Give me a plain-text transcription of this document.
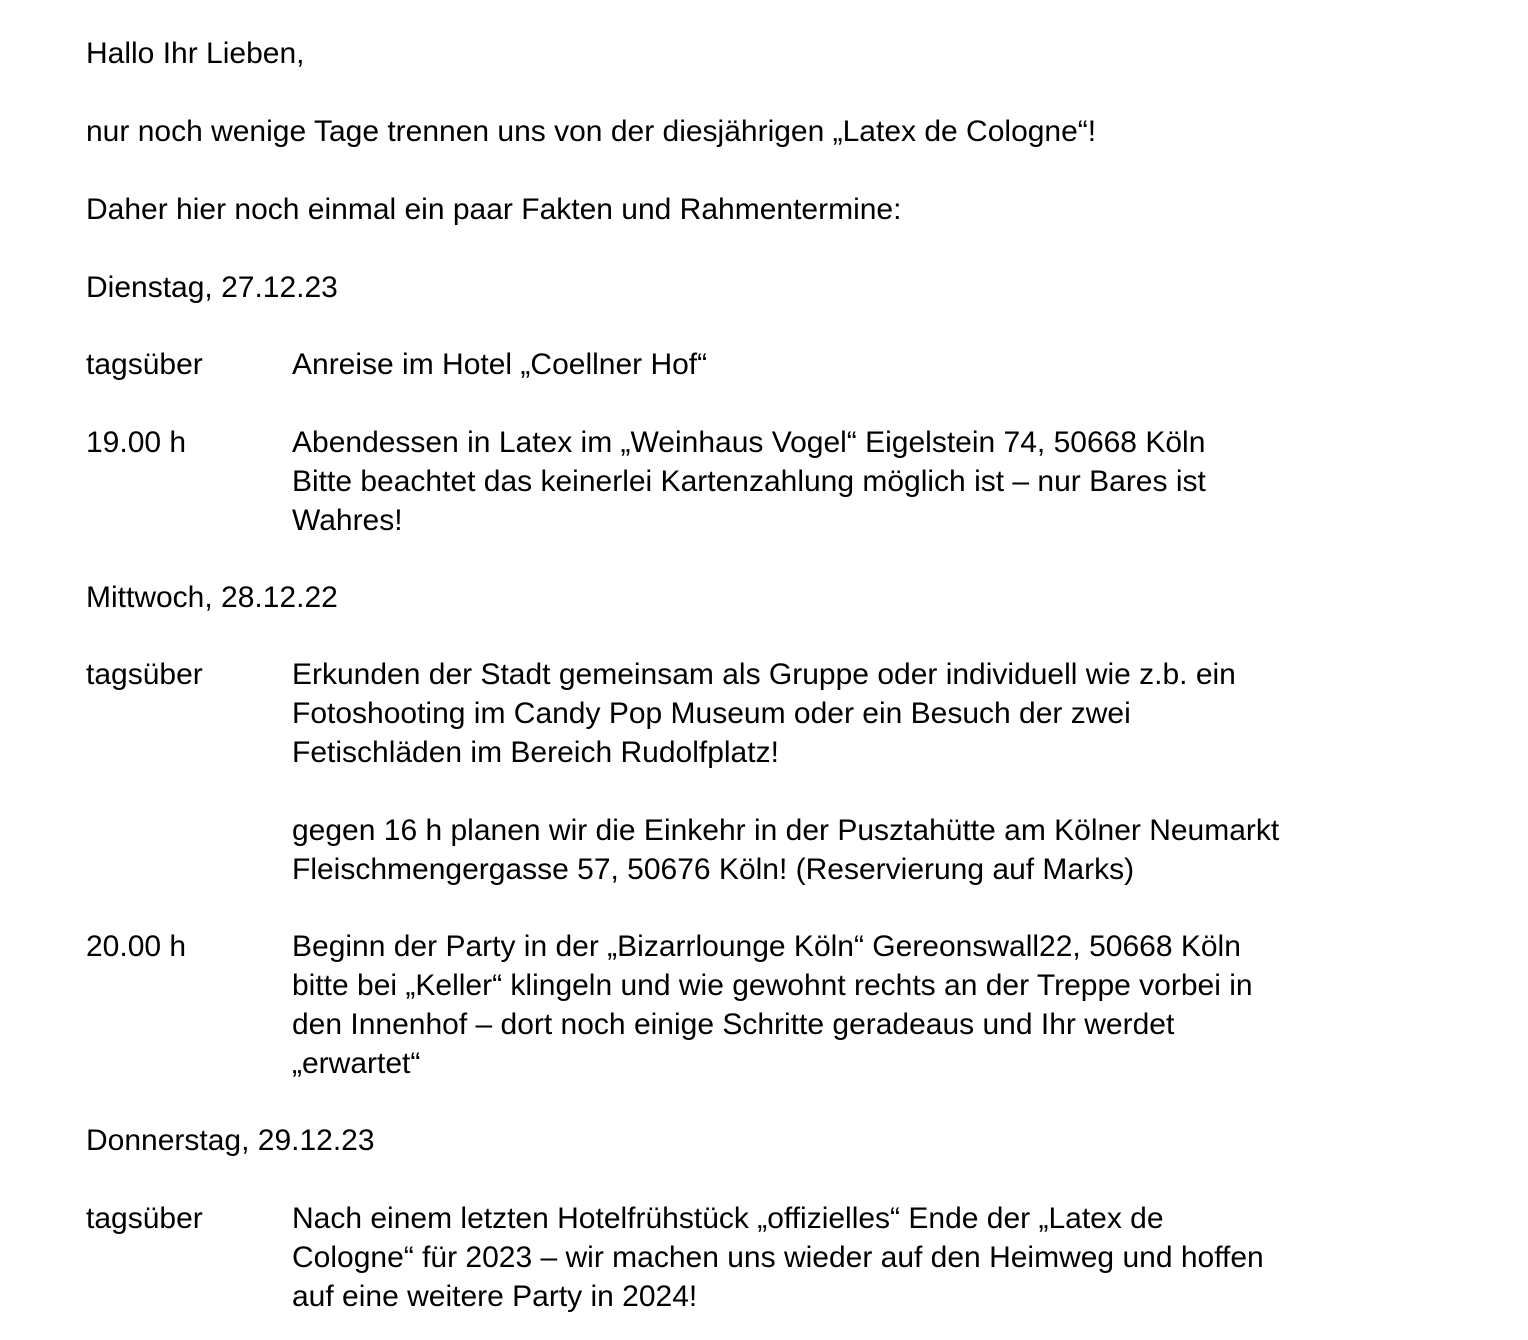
Hallo Ihr Lieben,

nur noch wenige Tage trennen uns von der diesjährigen „Latex de Cologne“!

Daher hier noch einmal ein paar Fakten und Rahmentermine:

Dienstag, 27.12.23

tagsüber	Anreise im Hotel „Coellner Hof“
19.00 h	Abendessen in Latex im „Weinhaus Vogel“ Eigelstein 74, 50668 Köln
Bitte beachtet das keinerlei Kartenzahlung möglich ist – nur Bares ist
Wahres!

Mittwoch, 28.12.22

tagsüber	Erkunden der Stadt gemeinsam als Gruppe oder individuell wie z.b. ein
Fotoshooting im Candy Pop Museum oder ein Besuch der zwei
Fetischläden im Bereich Rudolfplatz!
gegen 16 h planen wir die Einkehr in der Pusztahütte am Kölner Neumarkt
Fleischmengergasse 57, 50676 Köln! (Reservierung auf Marks)
20.00 h	Beginn der Party in der „Bizarrlounge Köln“ Gereonswall22, 50668 Köln
bitte bei „Keller“ klingeln und wie gewohnt rechts an der Treppe vorbei in
den Innenhof – dort noch einige Schritte geradeaus und Ihr werdet
„erwartet“

Donnerstag, 29.12.23

tagsüber	Nach einem letzten Hotelfrühstück „offizielles“ Ende der „Latex de
Cologne“ für 2023 – wir machen uns wieder auf den Heimweg und hoffen
auf eine weitere Party in 2024!
